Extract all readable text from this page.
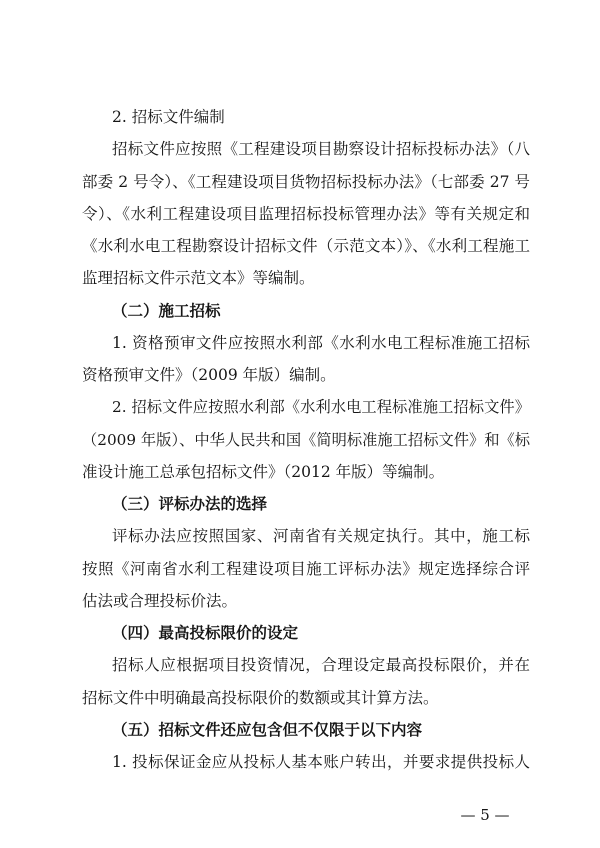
2. 招标文件编制
招标文件应按照《工程建设项目勘察设计招标投标办法》（八
部委 2 号令）、《工程建设项目货物招标投标办法》（七部委 27 号
令）、《水利工程建设项目监理招标投标管理办法》等有关规定和
《水利水电工程勘察设计招标文件（示范文本）》、《水利工程施工
监理招标文件示范文本》等编制。
（二）施工招标
1. 资格预审文件应按照水利部《水利水电工程标准施工招标
资格预审文件》（2009 年版）编制。
2. 招标文件应按照水利部《水利水电工程标准施工招标文件》
（2009 年版）、中华人民共和国《简明标准施工招标文件》和《标
准设计施工总承包招标文件》（2012 年版）等编制。
（三）评标办法的选择
评标办法应按照国家、河南省有关规定执行。其中，施工标
按照《河南省水利工程建设项目施工评标办法》规定选择综合评
估法或合理投标价法。
（四）最高投标限价的设定
招标人应根据项目投资情况，合理设定最高投标限价，并在
招标文件中明确最高投标限价的数额或其计算方法。
（五）招标文件还应包含但不仅限于以下内容
1. 投标保证金应从投标人基本账户转出，并要求提供投标人
— 5 —
